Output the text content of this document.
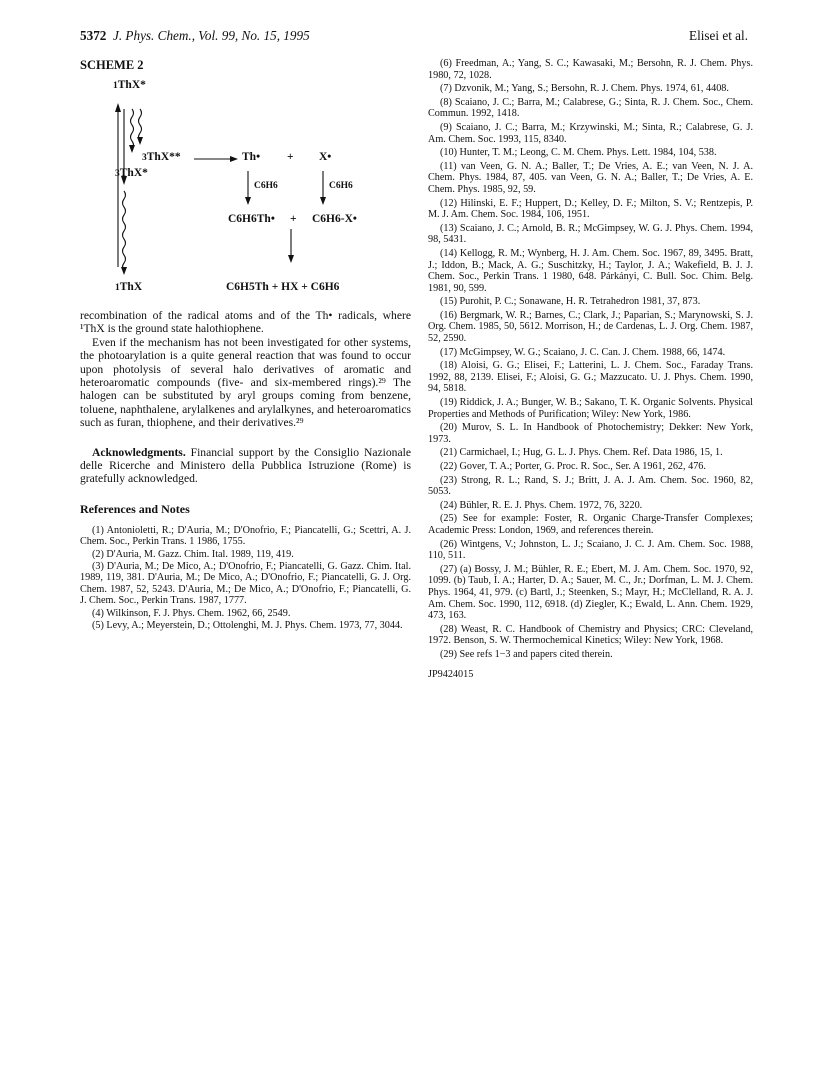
5372 J. Phys. Chem., Vol. 99, No. 15, 1995	Elisei et al.
SCHEME 2
1ThX*
3ThX**	Th• + X•
3ThX*
C6H6	C6H6
C6H6Th• + C6H6-X•
1ThX	C6H5Th + HX + C6H6

recombination of the radical atoms and of the Th• radicals, where ¹ThX is the ground state halothiophene.

Even if the mechanism has not been investigated for other systems, the photoarylation is a quite general reaction that was found to occur upon photolysis of several halo derivatives of aromatic and heteroaromatic compounds (five- and six-membered rings).²⁹ The halogen can be substituted by aryl groups coming from benzene, toluene, naphthalene, arylalkenes and arylalkynes, and heteroaromatics such as furan, thiophene, and their derivatives.²⁹

Acknowledgments. Financial support by the Consiglio Nazionale delle Ricerche and Ministero della Pubblica Istruzione (Rome) is gratefully acknowledged.

References and Notes

(1) Antonioletti, R.; D'Auria, M.; D'Onofrio, F.; Piancatelli, G.; Scettri, A. J. Chem. Soc., Perkin Trans. 1 1986, 1755.

(2) D'Auria, M. Gazz. Chim. Ital. 1989, 119, 419.

(3) D'Auria, M.; De Mico, A.; D'Onofrio, F.; Piancatelli, G. Gazz. Chim. Ital. 1989, 119, 381. D'Auria, M.; De Mico, A.; D'Onofrio, F.; Piancatelli, G. J. Org. Chem. 1987, 52, 5243. D'Auria, M.; De Mico, A.; D'Onofrio, F.; Piancatelli, G. J. Chem. Soc., Perkin Trans. 1987, 1777.

(4) Wilkinson, F. J. Phys. Chem. 1962, 66, 2549.

(5) Levy, A.; Meyerstein, D.; Ottolenghi, M. J. Phys. Chem. 1973, 77, 3044.

(6) Freedman, A.; Yang, S. C.; Kawasaki, M.; Bersohn, R. J. Chem. Phys. 1980, 72, 1028.

(7) Dzvonik, M.; Yang, S.; Bersohn, R. J. Chem. Phys. 1974, 61, 4408.

(8) Scaiano, J. C.; Barra, M.; Calabrese, G.; Sinta, R. J. Chem. Soc., Chem. Commun. 1992, 1418.

(9) Scaiano, J. C.; Barra, M.; Krzywinski, M.; Sinta, R.; Calabrese, G. J. Am. Chem. Soc. 1993, 115, 8340.

(10) Hunter, T. M.; Leong, C. M. Chem. Phys. Lett. 1984, 104, 538.

(11) van Veen, G. N. A.; Baller, T.; De Vries, A. E.; van Veen, N. J. A. Chem. Phys. 1984, 87, 405. van Veen, G. N. A.; Baller, T.; De Vries, A. E. Chem. Phys. 1985, 92, 59.

(12) Hilinski, E. F.; Huppert, D.; Kelley, D. F.; Milton, S. V.; Rentzepis, P. M. J. Am. Chem. Soc. 1984, 106, 1951.

(13) Scaiano, J. C.; Arnold, B. R.; McGimpsey, W. G. J. Phys. Chem. 1994, 98, 5431.

(14) Kellogg, R. M.; Wynberg, H. J. Am. Chem. Soc. 1967, 89, 3495. Bratt, J.; Iddon, B.; Mack, A. G.; Suschitzky, H.; Taylor, J. A.; Wakefield, B. J. J. Chem. Soc., Perkin Trans. 1 1980, 648. Párkányi, C. Bull. Soc. Chim. Belg. 1981, 90, 599.

(15) Purohit, P. C.; Sonawane, H. R. Tetrahedron 1981, 37, 873.

(16) Bergmark, W. R.; Barnes, C.; Clark, J.; Paparian, S.; Marynowski, S. J. Org. Chem. 1985, 50, 5612. Morrison, H.; de Cardenas, L. J. Org. Chem. 1987, 52, 2590.

(17) McGimpsey, W. G.; Scaiano, J. C. Can. J. Chem. 1988, 66, 1474.

(18) Aloisi, G. G.; Elisei, F.; Latterini, L. J. Chem. Soc., Faraday Trans. 1992, 88, 2139. Elisei, F.; Aloisi, G. G.; Mazzucato. U. J. Phys. Chem. 1990, 94, 5818.

(19) Riddick, J. A.; Bunger, W. B.; Sakano, T. K. Organic Solvents. Physical Properties and Methods of Purification; Wiley: New York, 1986.

(20) Murov, S. L. In Handbook of Photochemistry; Dekker: New York, 1973.

(21) Carmichael, I.; Hug, G. L. J. Phys. Chem. Ref. Data 1986, 15, 1.

(22) Gover, T. A.; Porter, G. Proc. R. Soc., Ser. A 1961, 262, 476.

(23) Strong, R. L.; Rand, S. J.; Britt, J. A. J. Am. Chem. Soc. 1960, 82, 5053.

(24) Bühler, R. E. J. Phys. Chem. 1972, 76, 3220.

(25) See for example: Foster, R. Organic Charge-Transfer Complexes; Academic Press: London, 1969, and references therein.

(26) Wintgens, V.; Johnston, L. J.; Scaiano, J. C. J. Am. Chem. Soc. 1988, 110, 511.

(27) (a) Bossy, J. M.; Bühler, R. E.; Ebert, M. J. Am. Chem. Soc. 1970, 92, 1099. (b) Taub, I. A.; Harter, D. A.; Sauer, M. C., Jr.; Dorfman, L. M. J. Chem. Phys. 1964, 41, 979. (c) Bartl, J.; Steenken, S.; Mayr, H.; McClelland, R. A. J. Am. Chem. Soc. 1990, 112, 6918. (d) Ziegler, K.; Ewald, L. Ann. Chem. 1929, 473, 163.

(28) Weast, R. C. Handbook of Chemistry and Physics; CRC: Cleveland, 1972. Benson, S. W. Thermochemical Kinetics; Wiley: New York, 1968.

(29) See refs 1−3 and papers cited therein.

JP9424015
